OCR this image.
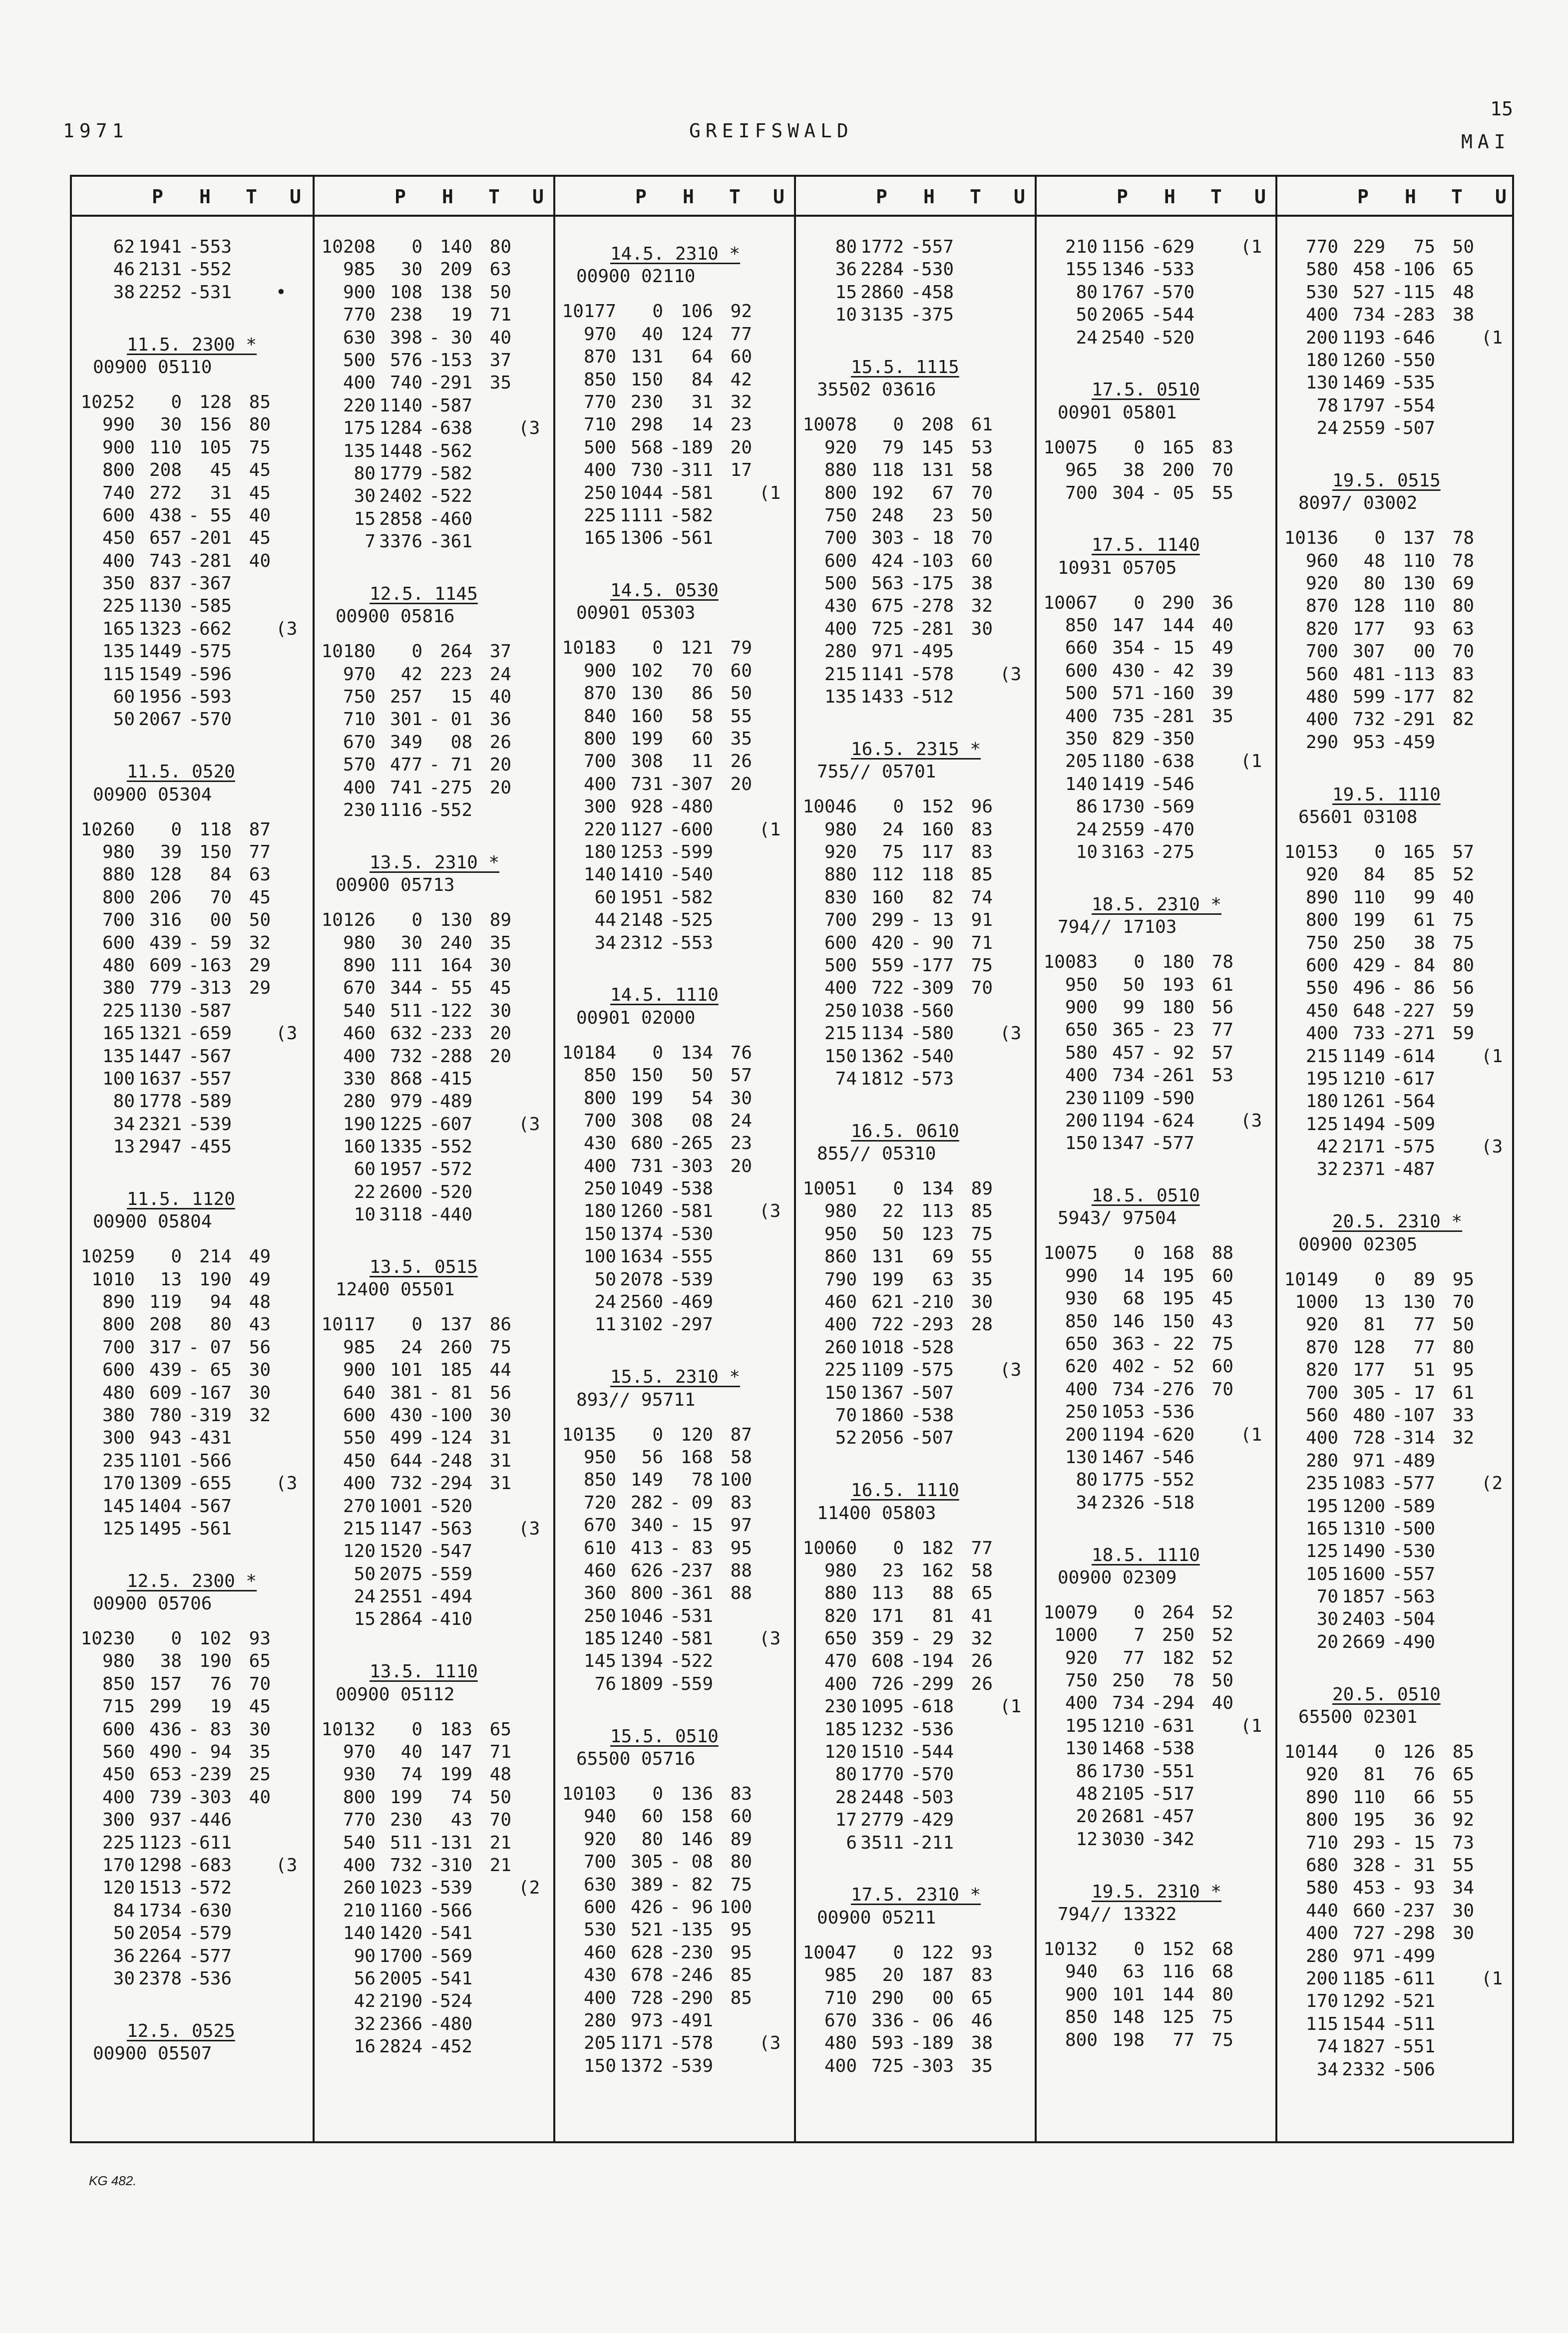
1971	GREIFSWALD
15
MAI
P H T U
62 1941 -553
46 2131 -552
38 2252 -531 •
11.5. 2300 *
00900 05110
10252 0 128 85
990 30 156 80
900 110 105 75
800 208 45 45
740 272 31 45
600 438 - 55 40
450 657 -201 45
400 743 -281 40
350 837 -367
225 1130 -585
165 1323 -662 (3
135 1449 -575
115 1549 -596
60 1956 -593
50 2067 -570
11.5. 0520
00900 05304
10260 0 118 87
980 39 150 77
880 128 84 63
800 206 70 45
700 316 00 50
600 439 - 59 32
480 609 -163 29
380 779 -313 29
225 1130 -587
165 1321 -659 (3
135 1447 -567
100 1637 -557
80 1778 -589
34 2321 -539
13 2947 -455
11.5. 1120
00900 05804
10259 0 214 49
1010 13 190 49
890 119 94 48
800 208 80 43
700 317 - 07 56
600 439 - 65 30
480 609 -167 30
380 780 -319 32
300 943 -431
235 1101 -566
170 1309 -655 (3
145 1404 -567
125 1495 -561
12.5. 2300 *
00900 05706
10230 0 102 93
980 38 190 65
850 157 76 70
715 299 19 45
600 436 - 83 30
560 490 - 94 35
450 653 -239 25
400 739 -303 40
300 937 -446
225 1123 -611
170 1298 -683 (3
120 1513 -572
84 1734 -630
50 2054 -579
36 2264 -577
30 2378 -536
12.5. 0525
00900 05507
P H T U
10208 0 140 80
985 30 209 63
900 108 138 50
770 238 19 71
630 398 - 30 40
500 576 -153 37
400 740 -291 35
220 1140 -587
175 1284 -638	(3
135 1448 -562
80 1779 -582
30 2402 -522
15 2858 -460
7 3376 -361
12.5. 1145
00900 05816
10180 0 264 37
970 42 223 24
750 257 15 40
710 301 - 01 36
670 349 08 26
570 477 - 71 20
400 741 -275 20
230 1116 -552
13.5. 2310 *
00900 05713
10126 0 130 89
980 30 240 35
890 111 164 30
670 344 - 55 45
540 511 -122 30
460 632 -233 20
400 732 -288 20
330 868 -415
280 979 -489
190 1225 -607	(3
160 1335 -552
60 1957 -572
22 2600 -520
10 3118 -440
13.5. 0515
12400 05501
10117 0 137 86
985 24 260 75
900 101 185 44
640 381 - 81 56
600 430 -100 30
550 499 -124 31
450 644 -248 31
400 732 -294 31
270 1001 -520
215 1147 -563	(3
120 1520 -547
50 2075 -559
24 2551 -494
15 2864 -410
13.5. 1110
00900 05112
10132 0 183 65
970 40 147 71
930 74 199 48
800 199 74 50
770 230 43 70
540 511 -131 21
400 732 -310 21
260 1023 -539	(2
210 1160 -566
140 1420 -541
90 1700 -569
56 2005 -541
42 2190 -524
32 2366 -480
16 2824 -452
P H T U
14.5. 2310 *
00900 02110
10177 0 106 92
970 40 124 77
870 131 64 60
850 150 84 42
770 230 31 32
710 298 14 23
500 568 -189 20
400 730 -311 17
250 1044 -581	(1
225 1111 -582
165 1306 -561
14.5. 0530
00901 05303
10183 0 121 79
900 102 70 60
870 130 86 50
840 160 58 55
800 199 60 35
700 308 11 26
400 731 -307 20
300 928 -480
220 1127 -600	(1
180 1253 -599
140 1410 -540
60 1951 -582
44 2148 -525
34 2312 -553
14.5. 1110
00901 02000
10184 0 134 76
850 150 50 57
800 199 54 30
700 308 08 24
430 680 -265 23
400 731 -303 20
250 1049 -538
180 1260 -581	(3
150 1374 -530
100 1634 -555
50 2078 -539
24 2560 -469
11 3102 -297
15.5. 2310 *
893// 95711
10135 0 120 87
950 56 168 58
850 149 78 100
720 282 - 09 83
670 340 - 15 97
610 413 - 83 95
460 626 -237 88
360 800 -361 88
250 1046 -531
185 1240 -581	(3
145 1394 -522
76 1809 -559
15.5. 0510
65500 05716
10103 0 136 83
940 60 158 60
920 80 146 89
700 305 - 08 80
630 389 - 82 75
600 426 - 96 100
530 521 -135 95
460 628 -230 95
430 678 -246 85
400 728 -290 85
280 973 -491
205 1171 -578	(3
150 1372 -539
P H T U
80 1772 -557
36 2284 -530
15 2860 -458
10 3135 -375
15.5. 1115
35502 03616
10078 0 208 61
920 79 145 53
880 118 131 58
800 192 67 70
750 248 23 50
700 303 - 18 70
600 424 -103 60
500 563 -175 38
430 675 -278 32
400 725 -281 30
280 971 -495
215 1141 -578	(3
135 1433 -512
16.5. 2315 *
755// 05701
10046 0 152 96
980 24 160 83
920 75 117 83
880 112 118 85
830 160 82 74
700 299 - 13 91
600 420 - 90 71
500 559 -177 75
400 722 -309 70
250 1038 -560
215 1134 -580	(3
150 1362 -540
74 1812 -573
16.5. 0610
855// 05310
10051 0 134 89
980 22 113 85
950 50 123 75
860 131 69 55
790 199 63 35
460 621 -210 30
400 722 -293 28
260 1018 -528
225 1109 -575	(3
150 1367 -507
70 1860 -538
52 2056 -507
16.5. 1110
11400 05803
10060 0 182 77
980 23 162 58
880 113 88 65
820 171 81 41
650 359 - 29 32
470 608 -194 26
400 726 -299 26
230 1095 -618	(1
185 1232 -536
120 1510 -544
80 1770 -570
28 2448 -503
17 2779 -429
6 3511 -211
17.5. 2310 *
00900 05211
10047 0 122 93
985 20 187 83
710 290 00 65
670 336 - 06 46
480 593 -189 38
400 725 -303 35
P H T U
210 1156 -629	(1
155 1346 -533
80 1767 -570
50 2065 -544
24 2540 -520
17.5. 0510
00901 05801
10075 0 165 83
965 38 200 70
700 304 - 05 55
17.5. 1140
10931 05705
10067 0 290 36
850 147 144 40
660 354 - 15 49
600 430 - 42 39
500 571 -160 39
400 735 -281 35
350 829 -350
205 1180 -638	(1
140 1419 -546
86 1730 -569
24 2559 -470
10 3163 -275
18.5. 2310 *
794// 17103
10083 0 180 78
950 50 193 61
900 99 180 56
650 365 - 23 77
580 457 - 92 57
400 734 -261 53
230 1109 -590
200 1194 -624	(3
150 1347 -577
18.5. 0510
5943/ 97504
10075 0 168 88
990 14 195 60
930 68 195 45
850 146 150 43
650 363 - 22 75
620 402 - 52 60
400 734 -276 70
250 1053 -536
200 1194 -620	(1
130 1467 -546
80 1775 -552
34 2326 -518
18.5. 1110
00900 02309
10079 0 264 52
1000 7 250 52
920 77 182 52
750 250 78 50
400 734 -294 40
195 1210 -631	(1
130 1468 -538
86 1730 -551
48 2105 -517
20 2681 -457
12 3030 -342
19.5. 2310 *
794// 13322
10132 0 152 68
940 63 116 68
900 101 144 80
850 148 125 75
800 198 77 75
P H T U
770 229 75 50
580 458 -106 65
530 527 -115 48
400 734 -283 38
200 1193 -646	(1
180 1260 -550
130 1469 -535
78 1797 -554
24 2559 -507
19.5. 0515
8097/ 03002
10136 0 137 78
960 48 110 78
920 80 130 69
870 128 110 80
820 177 93 63
700 307 00 70
560 481 -113 83
480 599 -177 82
400 732 -291 82
290 953 -459
19.5. 1110
65601 03108
10153 0 165 57
920 84 85 52
890 110 99 40
800 199 61 75
750 250 38 75
600 429 - 84 80
550 496 - 86 56
450 648 -227 59
400 733 -271 59
215 1149 -614	(1
195 1210 -617
180 1261 -564
125 1494 -509
42 2171 -575	(3
32 2371 -487
20.5. 2310 *
00900 02305
10149 0 89 95
1000 13 130 70
920 81 77 50
870 128 77 80
820 177 51 95
700 305 - 17 61
560 480 -107 33
400 728 -314 32
280 971 -489
235 1083 -577	(2
195 1200 -589
165 1310 -500
125 1490 -530
105 1600 -557
70 1857 -563
30 2403 -504
20 2669 -490
20.5. 0510
65500 02301
10144 0 126 85
920 81 76 65
890 110 66 55
800 195 36 92
710 293 - 15 73
680 328 - 31 55
580 453 - 93 34
440 660 -237 30
400 727 -298 30
280 971 -499
200 1185 -611	(1
170 1292 -521
115 1544 -511
74 1827 -551
34 2332 -506
KG 482.
